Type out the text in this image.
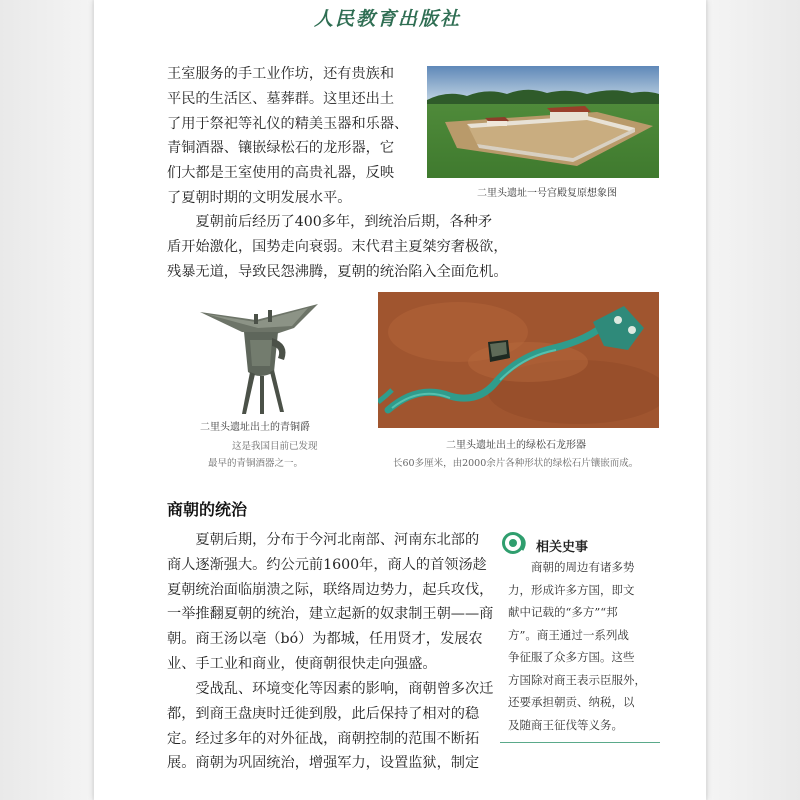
人民教育出版社
王室服务的手工业作坊，还有贵族和
平民的生活区、墓葬群。这里还出土
了用于祭祀等礼仪的精美玉器和乐器、
青铜酒器、镶嵌绿松石的龙形器，它
们大都是王室使用的高贵礼器，反映
了夏朝时期的文明发展水平。	二里头遗址一号宫殿复原想象图
夏朝前后经历了400多年，到统治后期，各种矛
盾开始激化，国势走向衰弱。末代君主夏桀穷奢极欲，
残暴无道，导致民怨沸腾，夏朝的统治陷入全面危机。
二里头遗址出土的青铜爵
这是我国目前已发现
最早的青铜酒器之一。
二里头遗址出土的绿松石龙形器
长60多厘米，由2000余片各种形状的绿松石片镶嵌而成。
商朝的统治
夏朝后期，分布于今河北南部、河南东北部的
商人逐渐强大。约公元前1600年，商人的首领汤趁
夏朝统治面临崩溃之际，联络周边势力，起兵攻伐，
一举推翻夏朝的统治，建立起新的奴隶制王朝——商
朝。商王汤以亳（bó）为都城，任用贤才，发展农
业、手工业和商业，使商朝很快走向强盛。
受战乱、环境变化等因素的影响，商朝曾多次迁
都，到商王盘庚时迁徙到殷，此后保持了相对的稳
定。经过多年的对外征战，商朝控制的范围不断拓
展。商朝为巩固统治，增强军力，设置监狱，制定
相关史事
商朝的周边有诸多势
力，形成许多方国，即文
献中记载的“多方”“邦
方”。商王通过一系列战
争征服了众多方国。这些
方国除对商王表示臣服外，
还要承担朝贡、纳税，以
及随商王征伐等义务。
